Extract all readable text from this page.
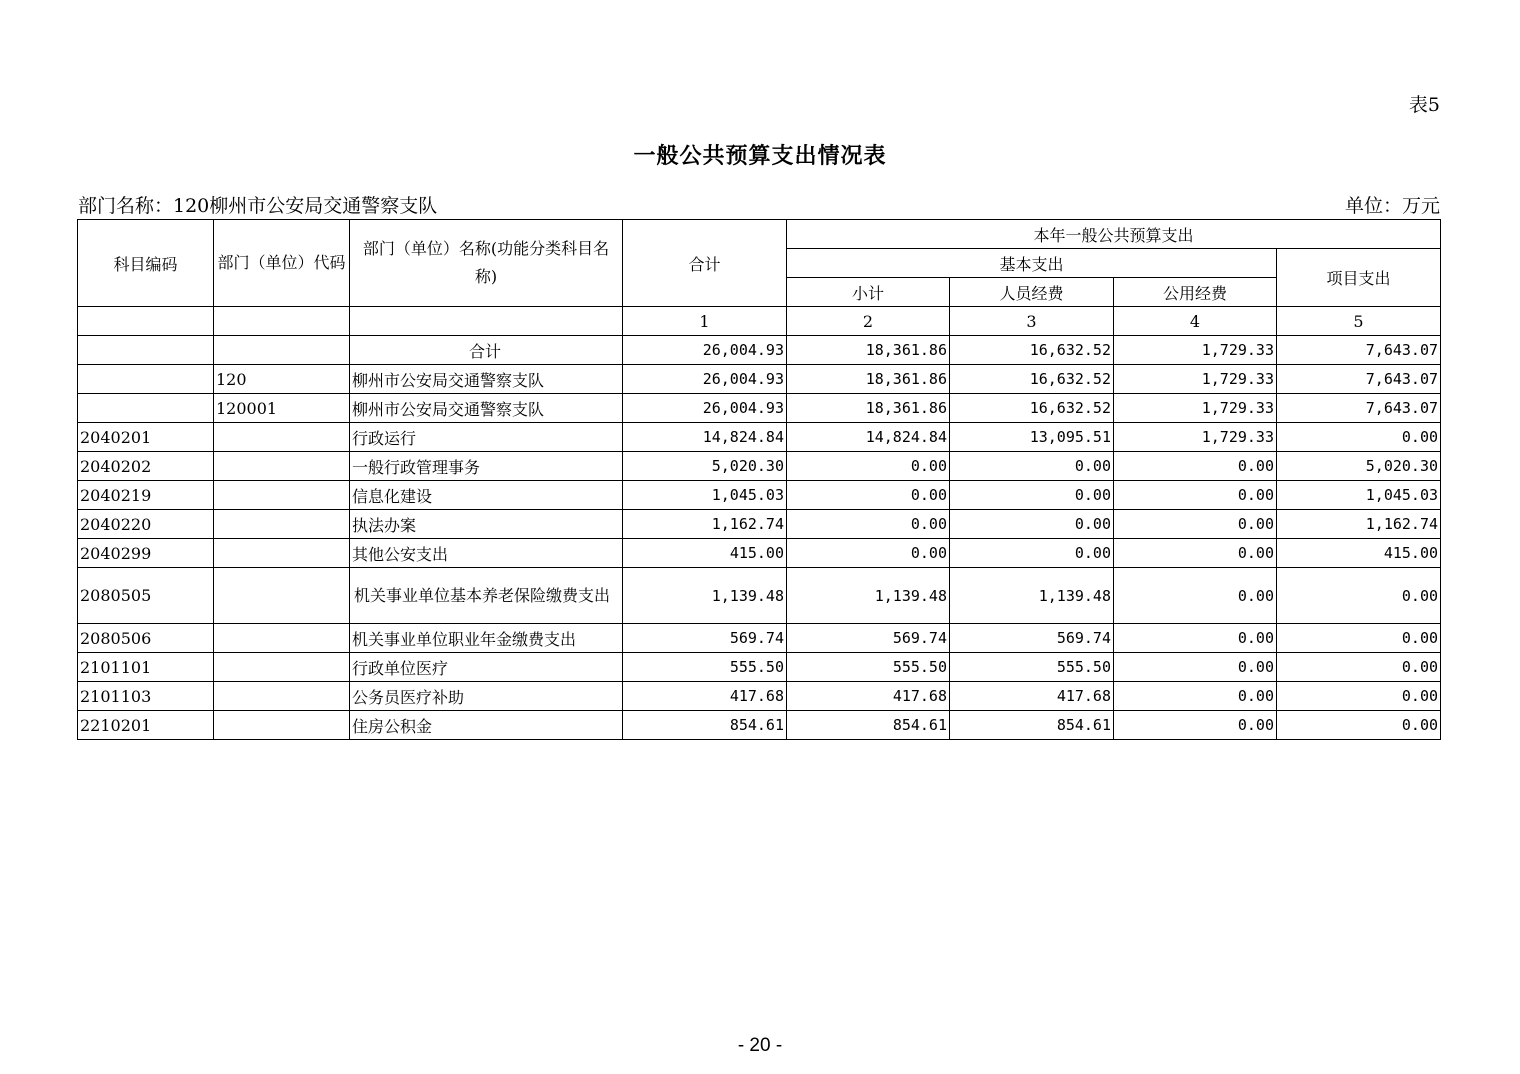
表5
一般公共预算支出情况表
部门名称：120柳州市公安局交通警察支队	单位：万元
科目编码	部门（单位）代码	部门（单位）名称(功能分类科目名称)	合计	本年一般公共预算支出			
				基本支出			项目支出
				小计	人员经费	公用经费	
			1	2	3	4	5
		合计	26,004.93	18,361.86	16,632.52	1,729.33	7,643.07
	120	柳州市公安局交通警察支队	26,004.93	18,361.86	16,632.52	1,729.33	7,643.07
	120001	柳州市公安局交通警察支队	26,004.93	18,361.86	16,632.52	1,729.33	7,643.07
2040201		行政运行	14,824.84	14,824.84	13,095.51	1,729.33	0.00
2040202		一般行政管理事务	5,020.30	0.00	0.00	0.00	5,020.30
2040219		信息化建设	1,045.03	0.00	0.00	0.00	1,045.03
2040220		执法办案	1,162.74	0.00	0.00	0.00	1,162.74
2040299		其他公安支出	415.00	0.00	0.00	0.00	415.00
2080505		机关事业单位基本养老保险缴费支出	1,139.48	1,139.48	1,139.48	0.00	0.00
2080506		机关事业单位职业年金缴费支出	569.74	569.74	569.74	0.00	0.00
2101101		行政单位医疗	555.50	555.50	555.50	0.00	0.00
2101103		公务员医疗补助	417.68	417.68	417.68	0.00	0.00
2210201		住房公积金	854.61	854.61	854.61	0.00	0.00
- 20 -
